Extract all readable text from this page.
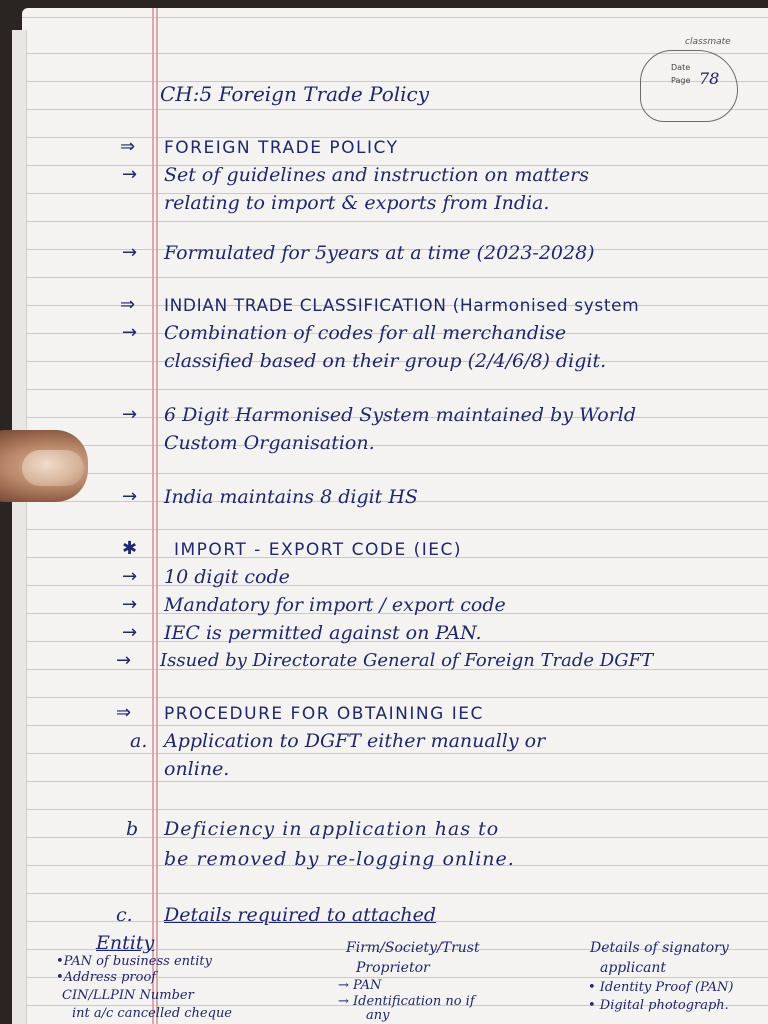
classmate
Date
Page 78
CH:5 Foreign Trade Policy
⇒ FOREIGN TRADE POLICY
→ Set of guidelines and instruction on matters
relating to import & exports from India.
→ Formulated for 5years at a time (2023-2028)
⇒ INDIAN TRADE CLASSIFICATION (Harmonised system
→ Combination of codes for all merchandise
classified based on their group (2/4/6/8) digit.
→ 6 Digit Harmonised System maintained by World
Custom Organisation.
→ India maintains 8 digit HS
✱ IMPORT - EXPORT CODE (IEC)
→ 10 digit code
→ Mandatory for import / export code
→ IEC is permitted against on PAN.
→ Issued by Directorate General of Foreign Trade DGFT
⇒ PROCEDURE FOR OBTAINING IEC
a. Application to DGFT either manually or
online.
b Deficiency in application has to
be removed by re-logging online.
c. Details required to attached
Entity
•PAN of business entity
•Address proof
CIN/LLPIN Number
int a/c cancelled cheque
Firm/Society/Trust
Proprietor
→ PAN
→ Identification no if
any
Details of signatory
applicant
• Identity Proof (PAN)
• Digital photograph.
